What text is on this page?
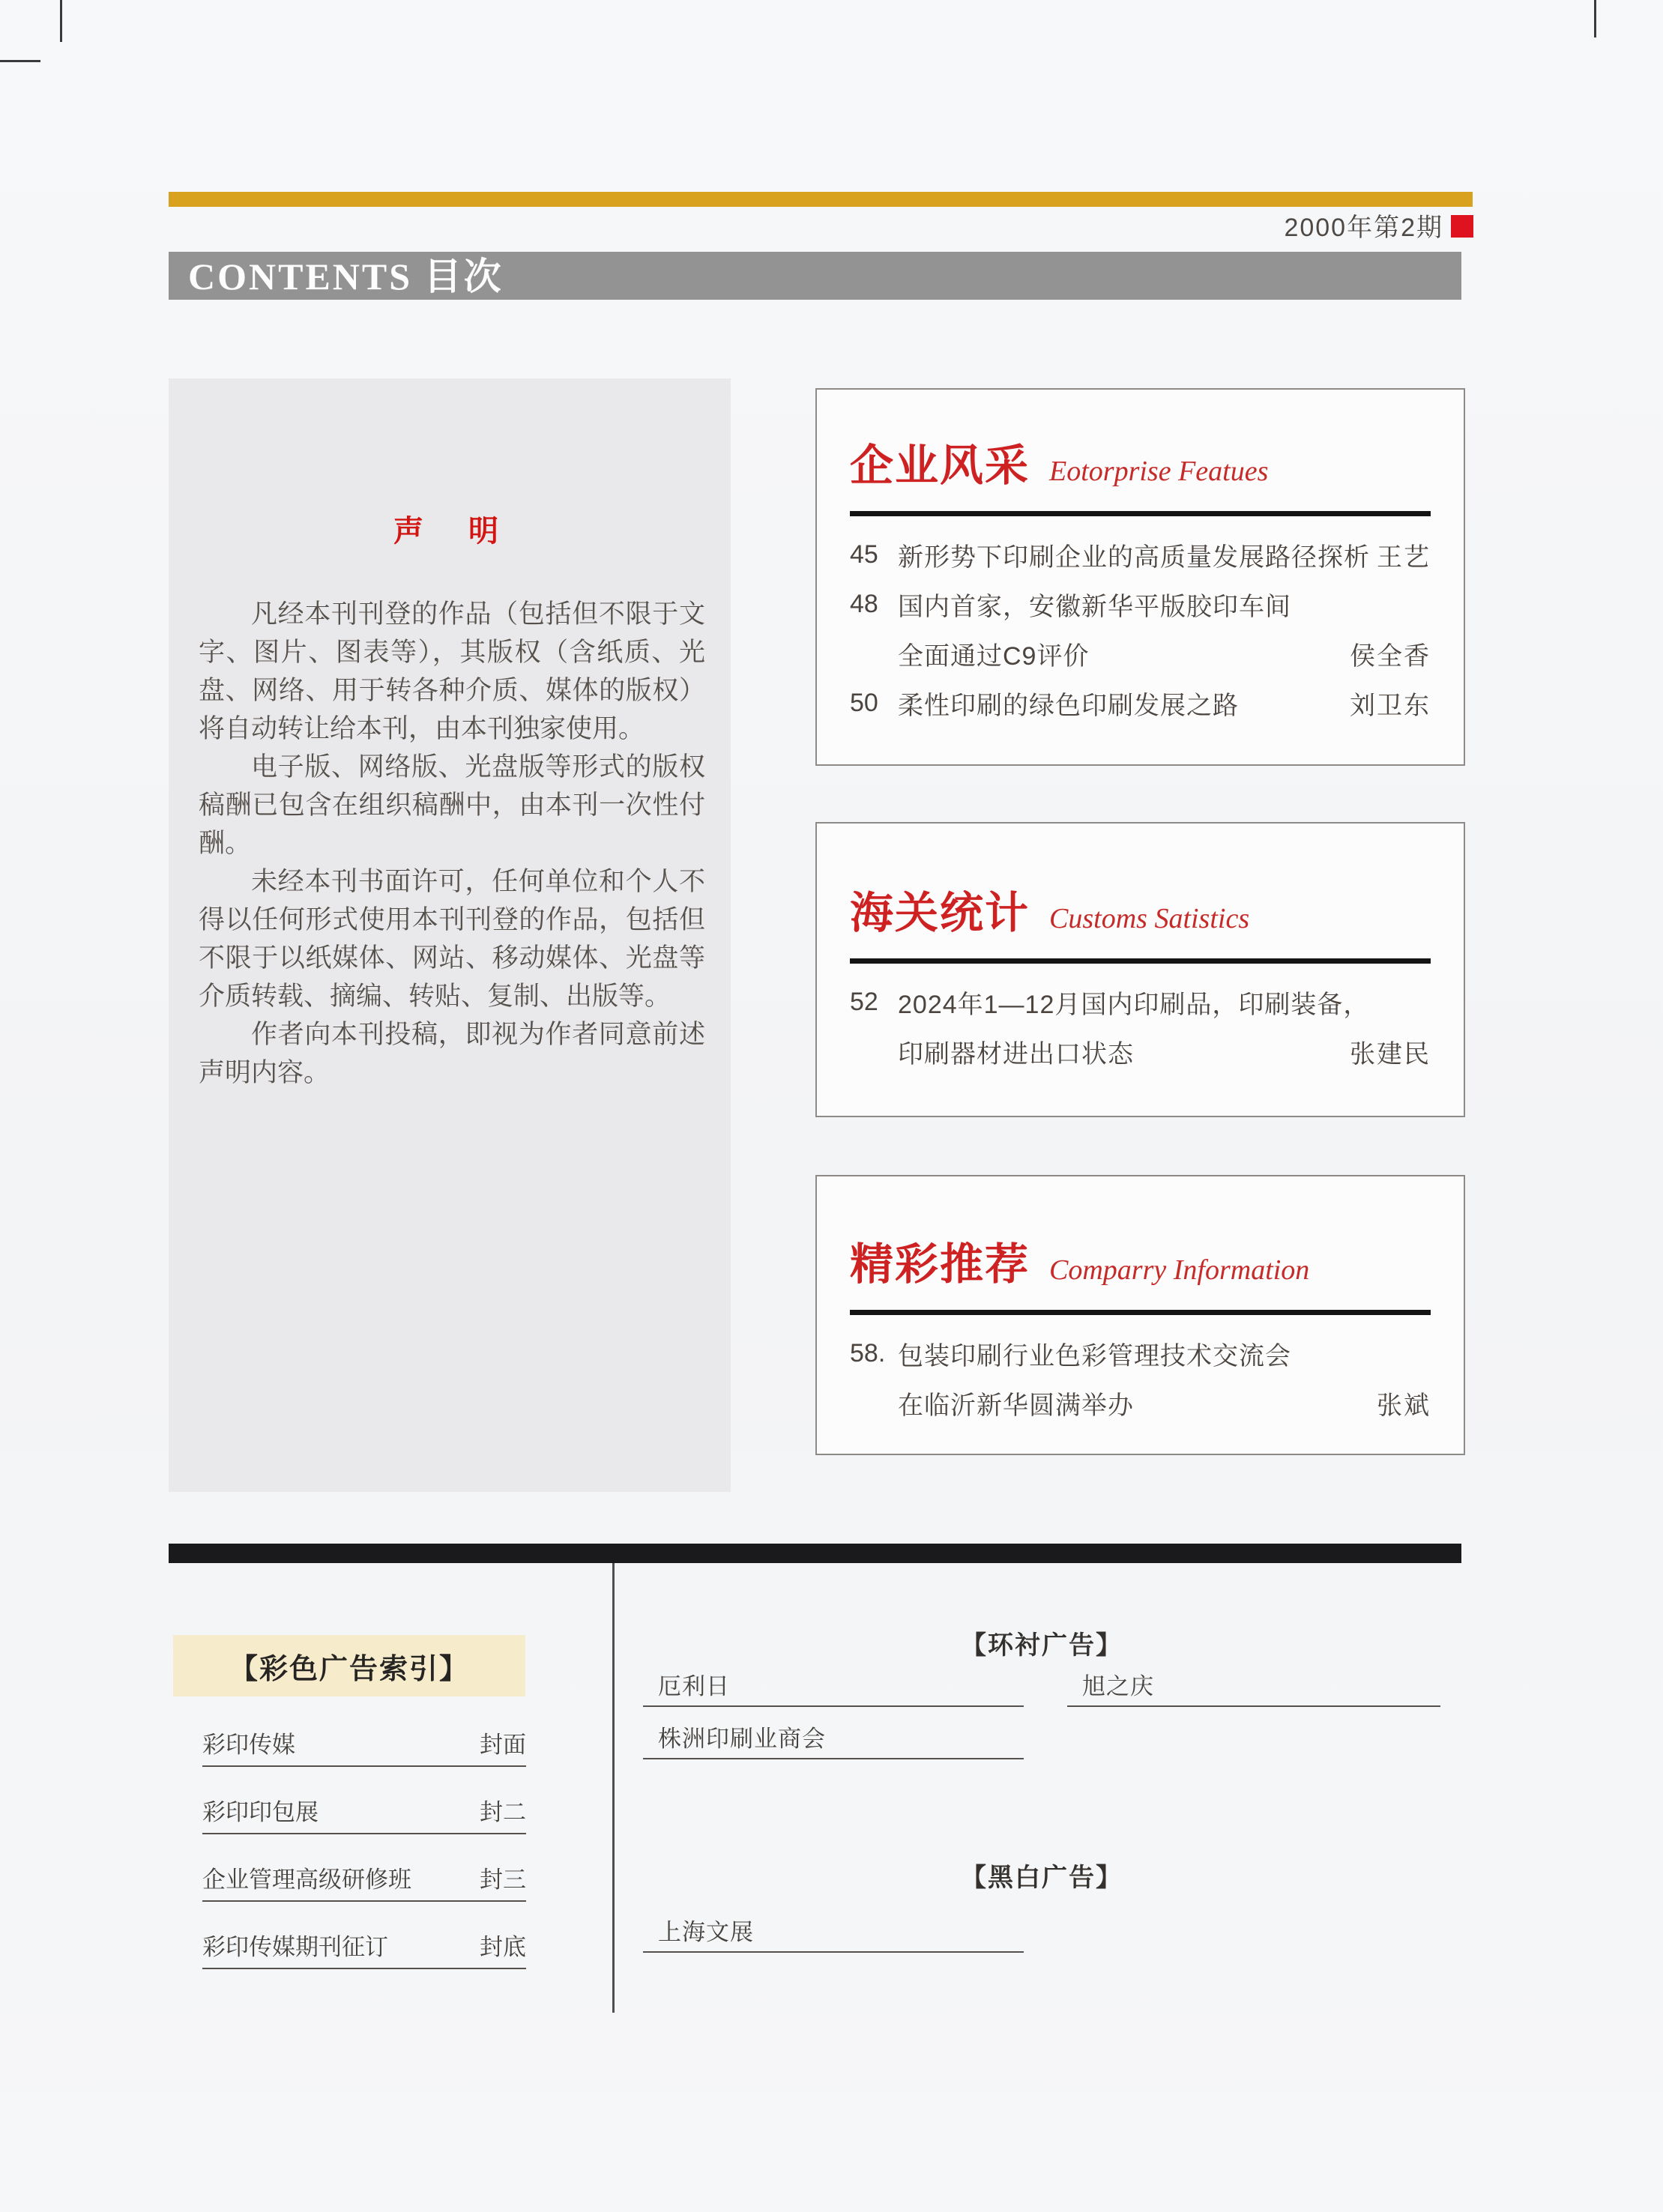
2000年第2期
CONTENTS 目次
声　明

凡经本刊刊登的作品（包括但不限于文字、图片、图表等），其版权（含纸质、光盘、网络、用于转各种介质、媒体的版权）将自动转让给本刊，由本刊独家使用。

电子版、网络版、光盘版等形式的版权稿酬已包含在组织稿酬中，由本刊一次性付酬。

未经本刊书面许可，任何单位和个人不得以任何形式使用本刊刊登的作品，包括但不限于以纸媒体、网站、移动媒体、光盘等介质转载、摘编、转贴、复制、出版等。

作者向本刊投稿，即视为作者同意前述声明内容。

企业风采 Eotorprise Featues
45 新形势下印刷企业的高质量发展路径探析 王艺
48 国内首家，安徽新华平版胶印车间
全面通过C9评价	侯全香
50 柔性印刷的绿色印刷发展之路	刘卫东
海关统计 Customs Satistics
52 2024年1—12月国内印刷品，印刷装备，
印刷器材进出口状态	张建民
精彩推荐 Comparry Information
58. 包装印刷行业色彩管理技术交流会
在临沂新华圆满举办	张斌
【彩色广告索引】
彩印传媒	封面
彩印印包展	封二
企业管理高级研修班	封三
彩印传媒期刊征订	封底
【环衬广告】
厄利日	旭之庆
株洲印刷业商会
【黑白广告】
上海文展
